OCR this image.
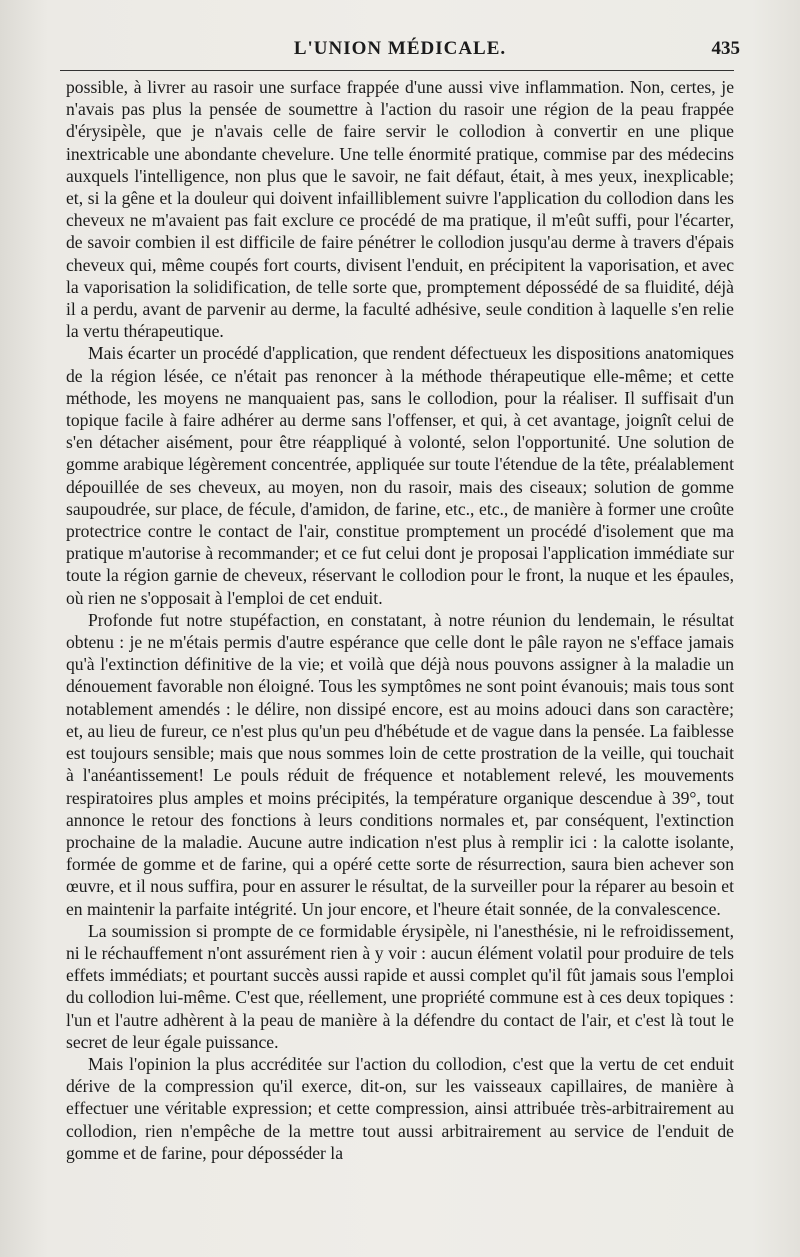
L'UNION MÉDICALE.	435

possible, à livrer au rasoir une surface frappée d'une aussi vive inflammation. Non, certes, je n'avais pas plus la pensée de soumettre à l'action du rasoir une région de la peau frappée d'érysipèle, que je n'avais celle de faire servir le collodion à convertir en une plique inextricable une abondante chevelure. Une telle énormité pratique, commise par des médecins auxquels l'intelligence, non plus que le savoir, ne fait défaut, était, à mes yeux, inexplicable; et, si la gêne et la douleur qui doivent infailliblement suivre l'application du collodion dans les cheveux ne m'avaient pas fait exclure ce procédé de ma pratique, il m'eût suffi, pour l'écarter, de savoir combien il est difficile de faire pénétrer le collodion jusqu'au derme à travers d'épais cheveux qui, même coupés fort courts, divisent l'enduit, en précipitent la vaporisation, et avec la vaporisation la solidification, de telle sorte que, promptement dépossédé de sa fluidité, déjà il a perdu, avant de parvenir au derme, la faculté adhésive, seule condition à laquelle s'en relie la vertu thérapeutique.

Mais écarter un procédé d'application, que rendent défectueux les dispositions anatomiques de la région lésée, ce n'était pas renoncer à la méthode thérapeutique elle-même; et cette méthode, les moyens ne manquaient pas, sans le collodion, pour la réaliser. Il suffisait d'un topique facile à faire adhérer au derme sans l'offenser, et qui, à cet avantage, joignît celui de s'en détacher aisément, pour être réappliqué à volonté, selon l'opportunité. Une solution de gomme arabique légèrement concentrée, appliquée sur toute l'étendue de la tête, préalablement dépouillée de ses cheveux, au moyen, non du rasoir, mais des ciseaux; solution de gomme saupoudrée, sur place, de fécule, d'amidon, de farine, etc., etc., de manière à former une croûte protectrice contre le contact de l'air, constitue promptement un procédé d'isolement que ma pratique m'autorise à recommander; et ce fut celui dont je proposai l'application immédiate sur toute la région garnie de cheveux, réservant le collodion pour le front, la nuque et les épaules, où rien ne s'opposait à l'emploi de cet enduit.

Profonde fut notre stupéfaction, en constatant, à notre réunion du lendemain, le résultat obtenu : je ne m'étais permis d'autre espérance que celle dont le pâle rayon ne s'efface jamais qu'à l'extinction définitive de la vie; et voilà que déjà nous pouvons assigner à la maladie un dénouement favorable non éloigné. Tous les symptômes ne sont point évanouis; mais tous sont notablement amendés : le délire, non dissipé encore, est au moins adouci dans son caractère; et, au lieu de fureur, ce n'est plus qu'un peu d'hébétude et de vague dans la pensée. La faiblesse est toujours sensible; mais que nous sommes loin de cette prostration de la veille, qui touchait à l'anéantissement! Le pouls réduit de fréquence et notablement relevé, les mouvements respiratoires plus amples et moins précipités, la température organique descendue à 39°, tout annonce le retour des fonctions à leurs conditions normales et, par conséquent, l'extinction prochaine de la maladie. Aucune autre indication n'est plus à remplir ici : la calotte isolante, formée de gomme et de farine, qui a opéré cette sorte de résurrection, saura bien achever son œuvre, et il nous suffira, pour en assurer le résultat, de la surveiller pour la réparer au besoin et en maintenir la parfaite intégrité. Un jour encore, et l'heure était sonnée, de la convalescence.

La soumission si prompte de ce formidable érysipèle, ni l'anesthésie, ni le refroidissement, ni le réchauffement n'ont assurément rien à y voir : aucun élément volatil pour produire de tels effets immédiats; et pourtant succès aussi rapide et aussi complet qu'il fût jamais sous l'emploi du collodion lui-même. C'est que, réellement, une propriété commune est à ces deux topiques : l'un et l'autre adhèrent à la peau de manière à la défendre du contact de l'air, et c'est là tout le secret de leur égale puissance.

Mais l'opinion la plus accréditée sur l'action du collodion, c'est que la vertu de cet enduit dérive de la compression qu'il exerce, dit-on, sur les vaisseaux capillaires, de manière à effectuer une véritable expression; et cette compression, ainsi attribuée très-arbitrairement au collodion, rien n'empêche de la mettre tout aussi arbitrairement au service de l'enduit de gomme et de farine, pour déposséder la
